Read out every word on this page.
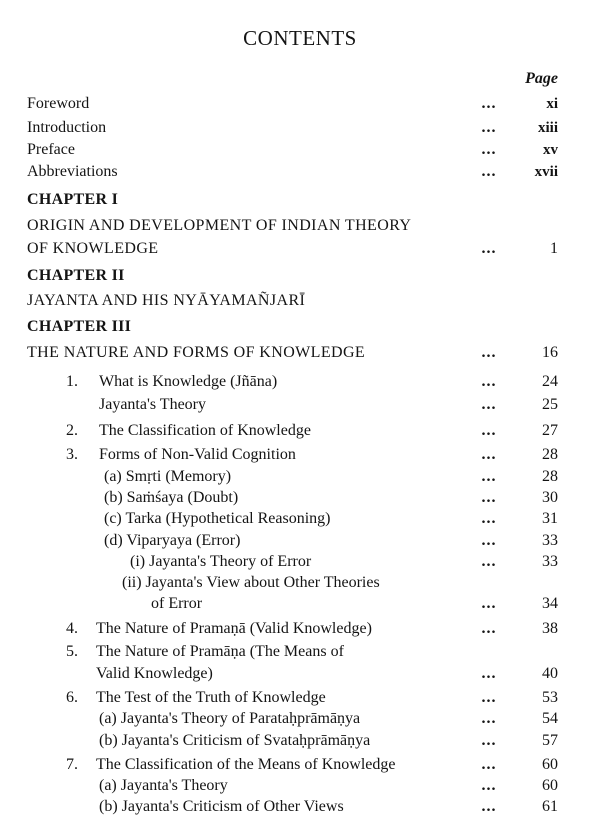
CONTENTS
Page
Foreword	...	xi
Introduction	...	xiii
Preface	...	xv
Abbreviations	...	xvii
CHAPTER I
ORIGIN AND DEVELOPMENT OF INDIAN THEORY
OF KNOWLEDGE	...	1
CHAPTER II
JAYANTA AND HIS NYĀYAMAÑJARĪ
CHAPTER III
THE NATURE AND FORMS OF KNOWLEDGE	...	16
1. What is Knowledge (Jñāna)	...	24
Jayanta's Theory	...	25
2. The Classification of Knowledge	...	27
3. Forms of Non-Valid Cognition	...	28
(a) Smṛti (Memory)	...	28
(b) Saṁśaya (Doubt)	...	30
(c) Tarka (Hypothetical Reasoning)	...	31
(d) Viparyaya (Error)	...	33
(i) Jayanta's Theory of Error	...	33
(ii) Jayanta's View about Other Theories
of Error	...	34
4. The Nature of Pramaṇā (Valid Knowledge)	...	38
5. The Nature of Pramāṇa (The Means of
Valid Knowledge)	...	40
6. The Test of the Truth of Knowledge	...	53
(a) Jayanta's Theory of Parataḥprāmāṇya	...	54
(b) Jayanta's Criticism of Svataḥprāmāṇya	...	57
7. The Classification of the Means of Knowledge	...	60
(a) Jayanta's Theory	...	60
(b) Jayanta's Criticism of Other Views	...	61
